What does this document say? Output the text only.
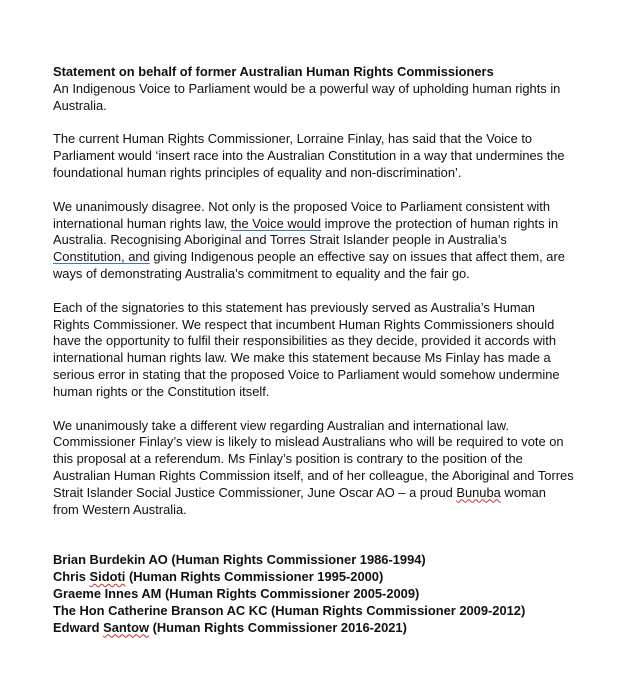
Statement on behalf of former Australian Human Rights Commissioners

An Indigenous Voice to Parliament would be a powerful way of upholding human rights in Australia.

The current Human Rights Commissioner, Lorraine Finlay, has said that the Voice to Parliament would ‘insert race into the Australian Constitution in a way that undermines the foundational human rights principles of equality and non-discrimination’.

We unanimously disagree. Not only is the proposed Voice to Parliament consistent with international human rights law, the Voice would improve the protection of human rights in Australia. Recognising Aboriginal and Torres Strait Islander people in Australia’s Constitution, and giving Indigenous people an effective say on issues that affect them, are ways of demonstrating Australia’s commitment to equality and the fair go.

Each of the signatories to this statement has previously served as Australia’s Human Rights Commissioner. We respect that incumbent Human Rights Commissioners should have the opportunity to fulfil their responsibilities as they decide, provided it accords with international human rights law. We make this statement because Ms Finlay has made a serious error in stating that the proposed Voice to Parliament would somehow undermine human rights or the Constitution itself.

We unanimously take a different view regarding Australian and international law. Commissioner Finlay’s view is likely to mislead Australians who will be required to vote on this proposal at a referendum. Ms Finlay’s position is contrary to the position of the Australian Human Rights Commission itself, and of her colleague, the Aboriginal and Torres Strait Islander Social Justice Commissioner, June Oscar AO – a proud Bunuba woman from Western Australia.

Brian Burdekin AO (Human Rights Commissioner 1986-1994)
Chris Sidoti (Human Rights Commissioner 1995-2000)
Graeme Innes AM (Human Rights Commissioner 2005-2009)
The Hon Catherine Branson AC KC (Human Rights Commissioner 2009-2012)
Edward Santow (Human Rights Commissioner 2016-2021)
